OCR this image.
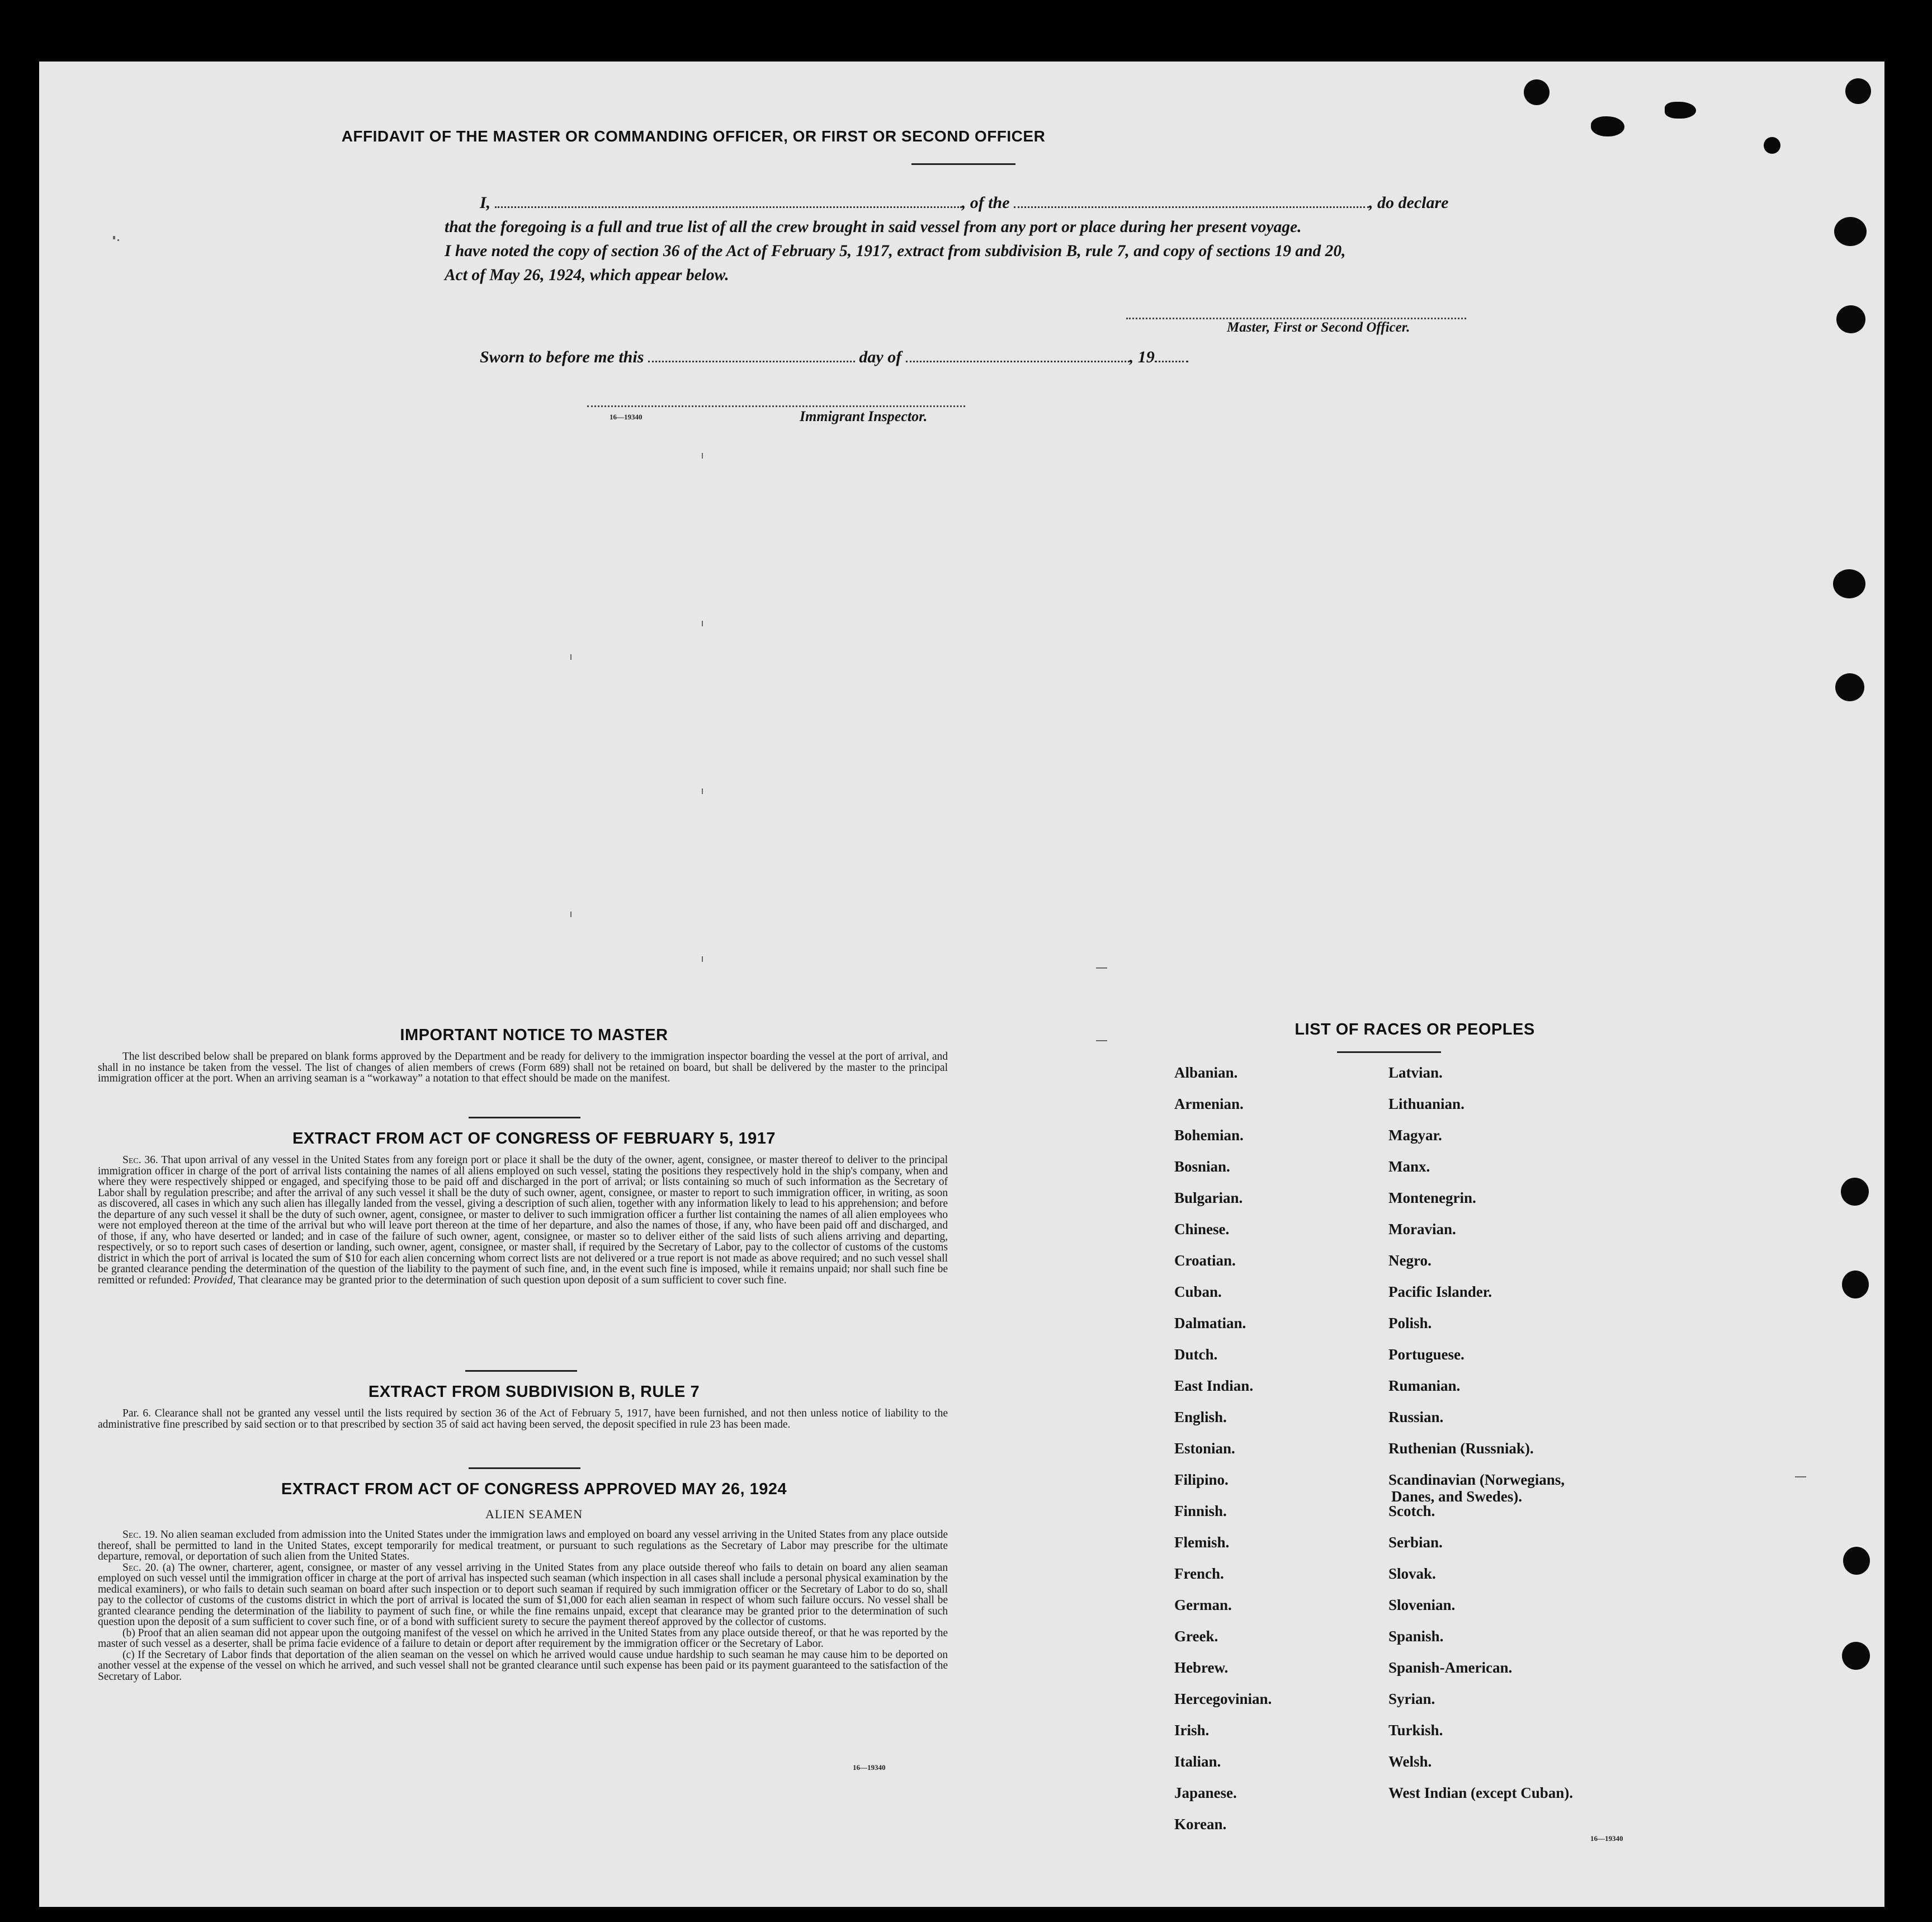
AFFIDAVIT OF THE MASTER OR COMMANDING OFFICER, OR FIRST OR SECOND OFFICER
I,	, of the	, do declare
that the foregoing is a full and true list of all the crew brought in said vessel from any port or place during her present voyage.
I have noted the copy of section 36 of the Act of February 5, 1917, extract from subdivision B, rule 7, and copy of sections 19 and 20,
Act of May 26, 1924, which appear below.
Master, First or Second Officer.
Sworn to before me this	day of	, 19
16—19340	Immigrant Inspector.
IMPORTANT NOTICE TO MASTER

The list described below shall be prepared on blank forms approved by the Department and be ready for delivery to the immigration inspector boarding the vessel at the port of arrival, and shall in no instance be taken from the vessel. The list of changes of alien members of crews (Form 689) shall not be retained on board, but shall be delivered by the master to the principal immigration officer at the port. When an arriving seaman is a “workaway” a notation to that effect should be made on the manifest.

EXTRACT FROM ACT OF CONGRESS OF FEBRUARY 5, 1917

Sec. 36. That upon arrival of any vessel in the United States from any foreign port or place it shall be the duty of the owner, agent, consignee, or master thereof to deliver to the principal immigration officer in charge of the port of arrival lists containing the names of all aliens employed on such vessel, stating the positions they respectively hold in the ship's company, when and where they were respectively shipped or engaged, and specifying those to be paid off and discharged in the port of arrival; or lists containing so much of such information as the Secretary of Labor shall by regulation prescribe; and after the arrival of any such vessel it shall be the duty of such owner, agent, consignee, or master to report to such immigration officer, in writing, as soon as discovered, all cases in which any such alien has illegally landed from the vessel, giving a description of such alien, together with any information likely to lead to his apprehension; and before the departure of any such vessel it shall be the duty of such owner, agent, consignee, or master to deliver to such immigration officer a further list containing the names of all alien employees who were not employed thereon at the time of the arrival but who will leave port thereon at the time of her departure, and also the names of those, if any, who have been paid off and discharged, and of those, if any, who have deserted or landed; and in case of the failure of such owner, agent, consignee, or master so to deliver either of the said lists of such aliens arriving and departing, respectively, or so to report such cases of desertion or landing, such owner, agent, consignee, or master shall, if required by the Secretary of Labor, pay to the collector of customs of the customs district in which the port of arrival is located the sum of $10 for each alien concerning whom correct lists are not delivered or a true report is not made as above required; and no such vessel shall be granted clearance pending the determination of the question of the liability to the payment of such fine, and, in the event such fine is imposed, while it remains unpaid; nor shall such fine be remitted or refunded: Provided, That clearance may be granted prior to the determination of such question upon deposit of a sum sufficient to cover such fine.

EXTRACT FROM SUBDIVISION B, RULE 7

Par. 6. Clearance shall not be granted any vessel until the lists required by section 36 of the Act of February 5, 1917, have been furnished, and not then unless notice of liability to the administrative fine prescribed by said section or to that prescribed by section 35 of said act having been served, the deposit specified in rule 23 has been made.

EXTRACT FROM ACT OF CONGRESS APPROVED MAY 26, 1924
ALIEN SEAMEN

Sec. 19. No alien seaman excluded from admission into the United States under the immigration laws and employed on board any vessel arriving in the United States from any place outside thereof, shall be permitted to land in the United States, except temporarily for medical treatment, or pursuant to such regulations as the Secretary of Labor may prescribe for the ultimate departure, removal, or deportation of such alien from the United States.

Sec. 20. (a) The owner, charterer, agent, consignee, or master of any vessel arriving in the United States from any place outside thereof who fails to detain on board any alien seaman employed on such vessel until the immigration officer in charge at the port of arrival has inspected such seaman (which inspection in all cases shall include a personal physical examination by the medical examiners), or who fails to detain such seaman on board after such inspection or to deport such seaman if required by such immigration officer or the Secretary of Labor to do so, shall pay to the collector of customs of the customs district in which the port of arrival is located the sum of $1,000 for each alien seaman in respect of whom such failure occurs. No vessel shall be granted clearance pending the determination of the liability to payment of such fine, or while the fine remains unpaid, except that clearance may be granted prior to the determination of such question upon the deposit of a sum sufficient to cover such fine, or of a bond with sufficient surety to secure the payment thereof approved by the collector of customs.

(b) Proof that an alien seaman did not appear upon the outgoing manifest of the vessel on which he arrived in the United States from any place outside thereof, or that he was reported by the master of such vessel as a deserter, shall be prima facie evidence of a failure to detain or deport after requirement by the immigration officer or the Secretary of Labor.

(c) If the Secretary of Labor finds that deportation of the alien seaman on the vessel on which he arrived would cause undue hardship to such seaman he may cause him to be deported on another vessel at the expense of the vessel on which he arrived, and such vessel shall not be granted clearance until such expense has been paid or its payment guaranteed to the satisfaction of the Secretary of Labor.

16—19340
LIST OF RACES OR PEOPLES
Albanian.
Armenian.
Bohemian.
Bosnian.
Bulgarian.
Chinese.
Croatian.
Cuban.
Dalmatian.
Dutch.
East Indian.
English.
Estonian.
Filipino.
Finnish.
Flemish.
French.
German.
Greek.
Hebrew.
Hercegovinian.
Irish.
Italian.
Japanese.
Korean.
Latvian.
Lithuanian.
Magyar.
Manx.
Montenegrin.
Moravian.
Negro.
Pacific Islander.
Polish.
Portuguese.
Rumanian.
Russian.
Ruthenian (Russniak).
Scandinavian (Norwegians,
Danes, and Swedes).
Scotch.
Serbian.
Slovak.
Slovenian.
Spanish.
Spanish-American.
Syrian.
Turkish.
Welsh.
West Indian (except Cuban).
16—19340
